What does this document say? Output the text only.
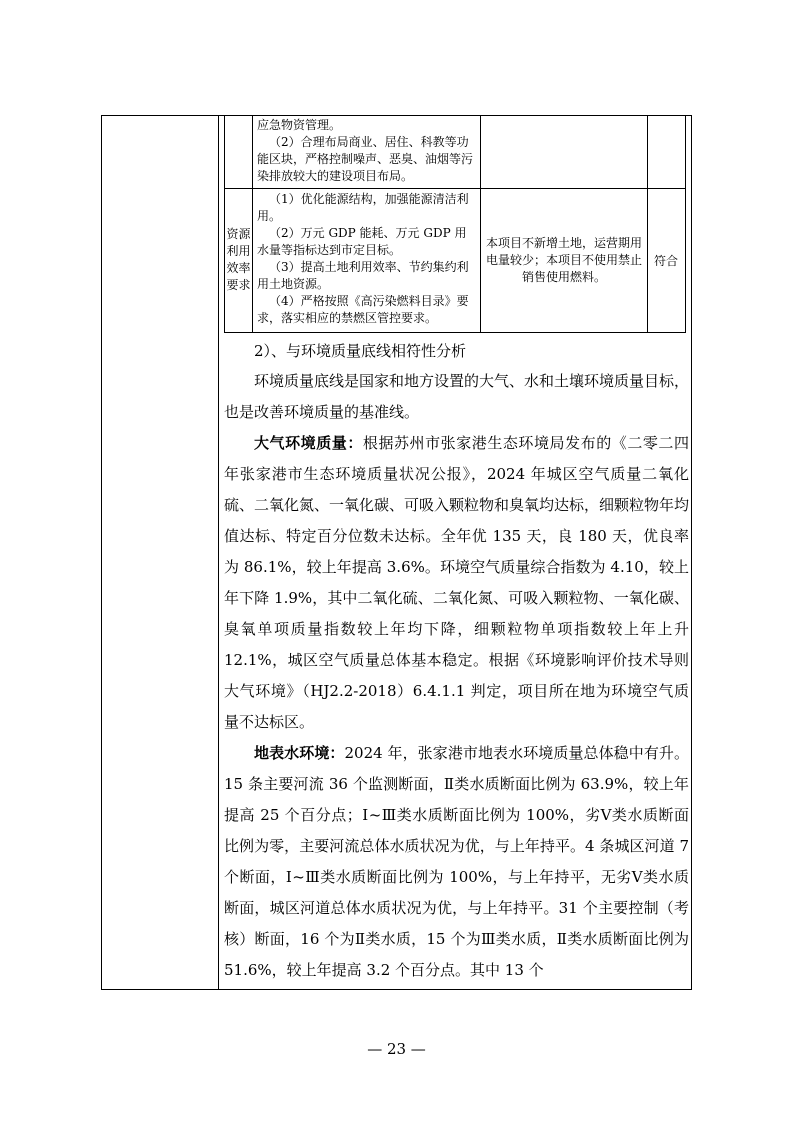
应急物资管理。

（2）合理布局商业、居住、科教等功能区块，严格控制噪声、恶臭、油烟等污染排放较大的建设项目布局。

资源利用效率要求

（1）优化能源结构，加强能源清洁利用。

（2）万元 GDP 能耗、万元 GDP 用水量等指标达到市定目标。

（3）提高土地利用效率、节约集约利用土地资源。

（4）严格按照《高污染燃料目录》要求，落实相应的禁燃区管控要求。

本项目不新增土地，运营期用电量较少；本项目不使用禁止销售使用燃料。
符合
2）、与环境质量底线相符性分析

环境质量底线是国家和地方设置的大气、水和土壤环境质量目标，也是改善环境质量的基准线。

大气环境质量：根据苏州市张家港生态环境局发布的《二零二四年张家港市生态环境质量状况公报》，2024 年城区空气质量二氧化硫、二氧化氮、一氧化碳、可吸入颗粒物和臭氧均达标，细颗粒物年均值达标、特定百分位数未达标。全年优 135 天，良 180 天，优良率为 86.1%，较上年提高 3.6%。环境空气质量综合指数为 4.10，较上年下降 1.9%，其中二氧化硫、二氧化氮、可吸入颗粒物、一氧化碳、臭氧单项质量指数较上年均下降，细颗粒物单项指数较上年上升 12.1%，城区空气质量总体基本稳定。根据《环境影响评价技术导则 大气环境》（HJ2.2-2018）6.4.1.1 判定，项目所在地为环境空气质量不达标区。

地表水环境：2024 年，张家港市地表水环境质量总体稳中有升。15 条主要河流 36 个监测断面，Ⅱ类水质断面比例为 63.9%，较上年提高 25 个百分点；Ⅰ~Ⅲ类水质断面比例为 100%，劣Ⅴ类水质断面比例为零，主要河流总体水质状况为优，与上年持平。4 条城区河道 7 个断面，Ⅰ~Ⅲ类水质断面比例为 100%，与上年持平，无劣Ⅴ类水质断面，城区河道总体水质状况为优，与上年持平。31 个主要控制（考核）断面，16 个为Ⅱ类水质，15 个为Ⅲ类水质，Ⅱ类水质断面比例为 51.6%，较上年提高 3.2 个百分点。其中 13 个

— 23 —
